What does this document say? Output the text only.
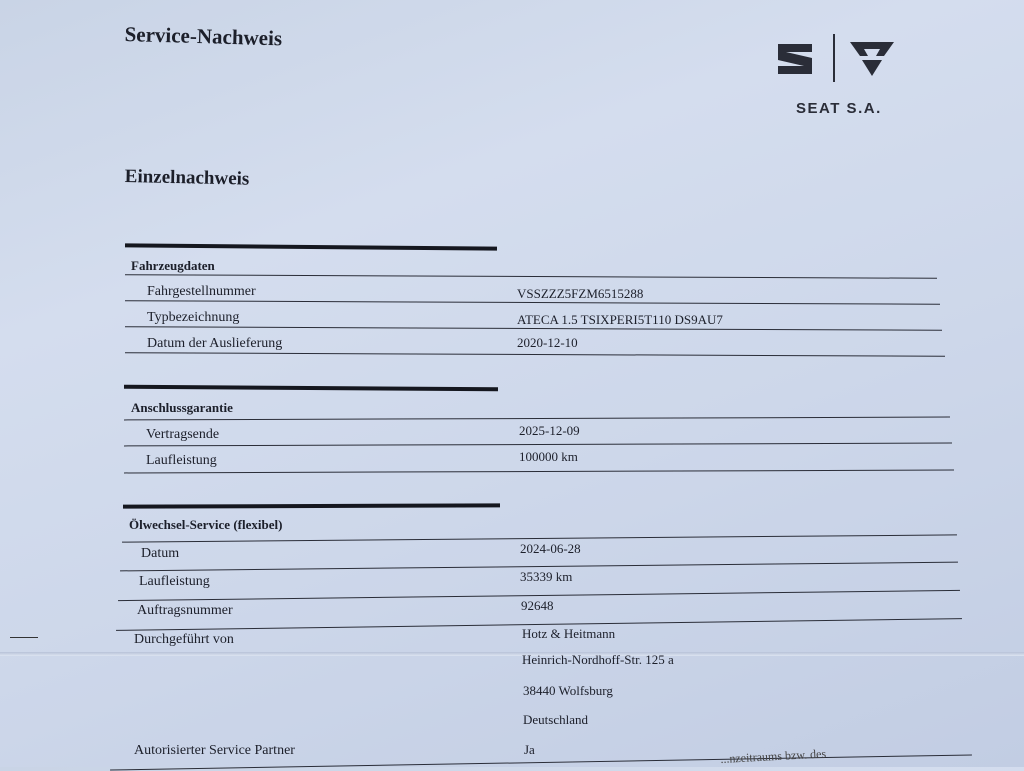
Service-Nachweis
Einzelnachweis
SEAT S.A.
Fahrzeugdaten
Fahrgestellnummer	VSSZZZ5FZM6515288
Typbezeichnung	ATECA 1.5 TSIXPERI5T110 DS9AU7
Datum der Auslieferung	2020-12-10
Anschlussgarantie
Vertragsende	2025-12-09
Laufleistung	100000 km
Ölwechsel-Service (flexibel)
Datum	2024-06-28
Laufleistung	35339 km
Auftragsnummer	92648
Durchgeführt von	Hotz & Heitmann
Heinrich-Nordhoff-Str. 125 a
38440 Wolfsburg
Deutschland
Autorisierter Service Partner	Ja	...nzeitraums bzw. des
